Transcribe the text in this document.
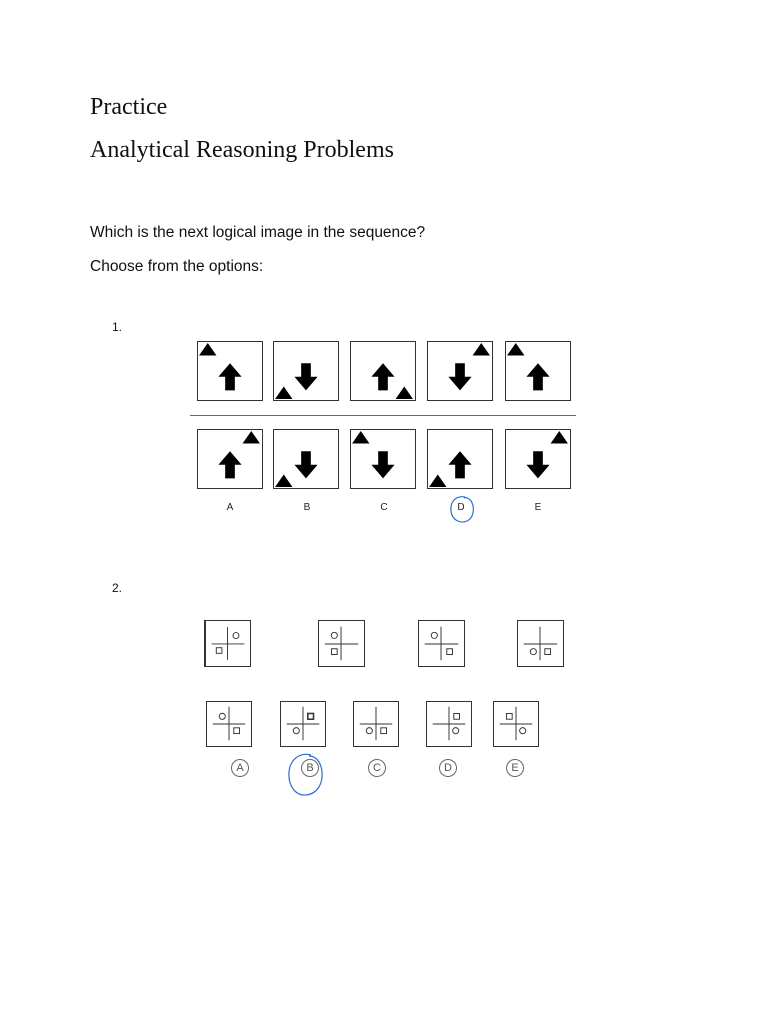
Practice
Analytical Reasoning Problems

Which is the next logical image in the sequence?

Choose from the options:

1.
A	B	C	D	E
2.
A	B	C	D	E
